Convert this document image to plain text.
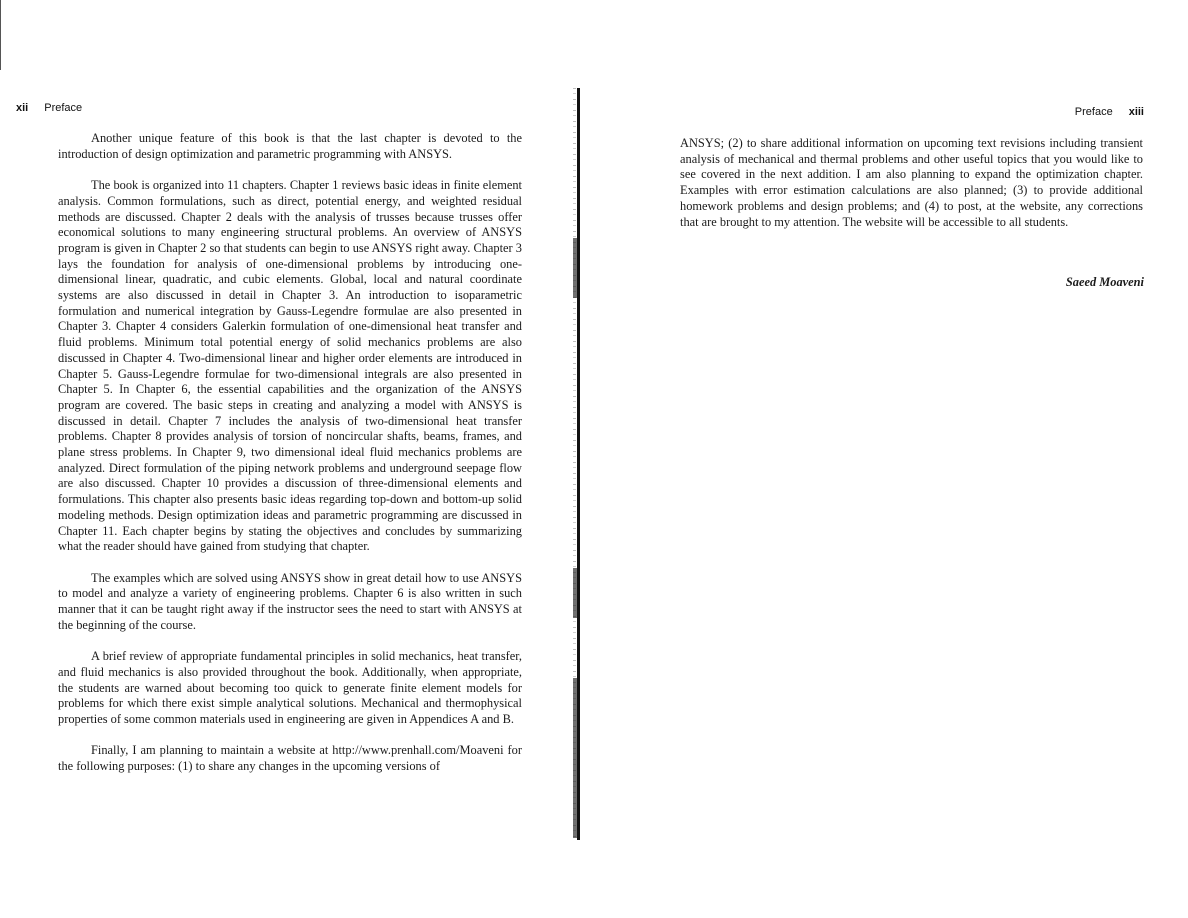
xii Preface

Another unique feature of this book is that the last chapter is devoted to the introduction of design optimization and parametric programming with ANSYS.

The book is organized into 11 chapters. Chapter 1 reviews basic ideas in finite element analysis. Common formulations, such as direct, potential energy, and weighted residual methods are discussed. Chapter 2 deals with the analysis of trusses because trusses offer economical solutions to many engineering structural problems. An overview of ANSYS program is given in Chapter 2 so that students can begin to use ANSYS right away. Chapter 3 lays the foundation for analysis of one-dimensional problems by introducing one-dimensional linear, quadratic, and cubic elements. Global, local and natural coordinate systems are also discussed in detail in Chapter 3. An introduction to isoparametric formulation and numerical integration by Gauss-Legendre formulae are also presented in Chapter 3. Chapter 4 considers Galerkin formulation of one-dimensional heat transfer and fluid problems. Minimum total potential energy of solid mechanics problems are also discussed in Chapter 4. Two-dimensional linear and higher order elements are introduced in Chapter 5. Gauss-Legendre formulae for two-dimensional integrals are also presented in Chapter 5. In Chapter 6, the essential capabilities and the organization of the ANSYS program are covered. The basic steps in creating and analyzing a model with ANSYS is discussed in detail. Chapter 7 includes the analysis of two-dimensional heat transfer problems. Chapter 8 provides analysis of torsion of noncircular shafts, beams, frames, and plane stress problems. In Chapter 9, two dimensional ideal fluid mechanics problems are analyzed. Direct formulation of the piping network problems and underground seepage flow are also discussed. Chapter 10 provides a discussion of three-dimensional elements and formulations. This chapter also presents basic ideas regarding top-down and bottom-up solid modeling methods. Design optimization ideas and parametric programming are discussed in Chapter 11. Each chapter begins by stating the objectives and concludes by summarizing what the reader should have gained from studying that chapter.

The examples which are solved using ANSYS show in great detail how to use ANSYS to model and analyze a variety of engineering problems. Chapter 6 is also written in such manner that it can be taught right away if the instructor sees the need to start with ANSYS at the beginning of the course.

A brief review of appropriate fundamental principles in solid mechanics, heat transfer, and fluid mechanics is also provided throughout the book. Additionally, when appropriate, the students are warned about becoming too quick to generate finite element models for problems for which there exist simple analytical solutions. Mechanical and thermophysical properties of some common materials used in engineering are given in Appendices A and B.

Finally, I am planning to maintain a website at http://www.prenhall.com/Moaveni for the following purposes: (1) to share any changes in the upcoming versions of

Preface xiii

ANSYS; (2) to share additional information on upcoming text revisions including transient analysis of mechanical and thermal problems and other useful topics that you would like to see covered in the next addition. I am also planning to expand the optimization chapter. Examples with error estimation calculations are also planned; (3) to provide additional homework problems and design problems; and (4) to post, at the website, any corrections that are brought to my attention. The website will be accessible to all students.

Saeed Moaveni
